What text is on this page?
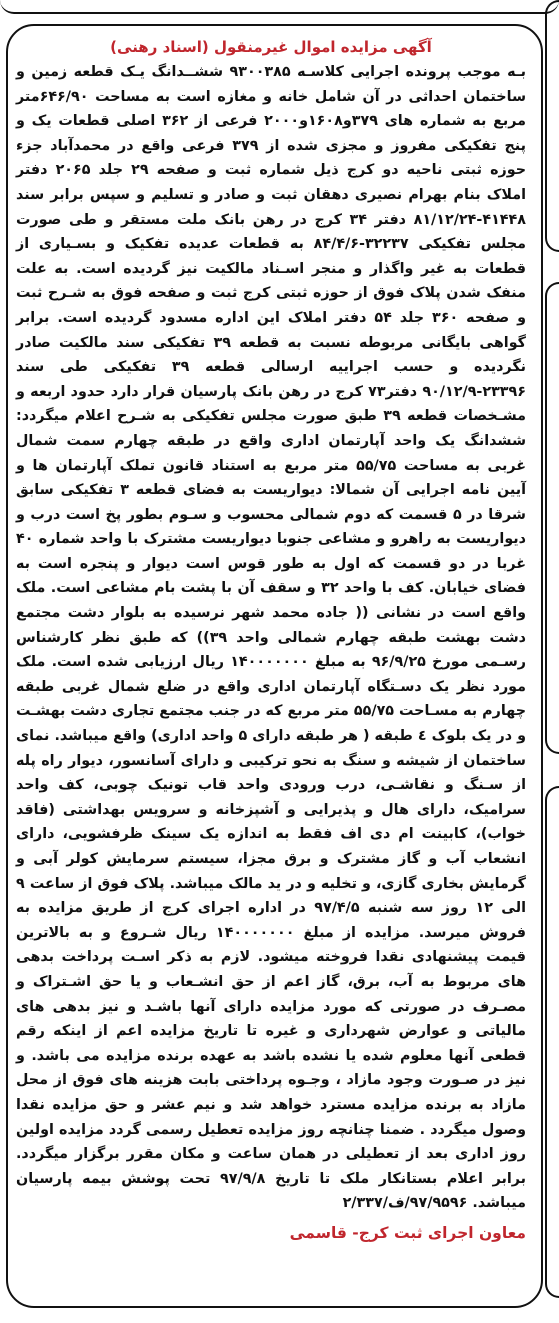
آگهی مزایده اموال غیرمنقول (اسناد رهنی)
بـه موجب پرونده اجرایی کلاسـه ۹۳۰۰۳۸۵ ششــدانگ یـک قطعه زمین و ساختمان احداثی در آن شامل خانه و مغازه است به مساحت ۶۴۶/۹۰متر مربع به شماره های ۳۷۹و۱۶۰۸و۲۰۰۰ فرعی از ۳۶۲ اصلی قطعات یک و پنج تفکیکی مفروز و مجزی شده از ۳۷۹ فرعی واقع در محمدآباد جزء حوزه ثبتی ناحیه دو کرج ذیل شماره ثبت و صفحه ۲۹ جلد ۲۰۶۵ دفتر املاک بنام بهرام نصیری دهقان ثبت و صادر و تسلیم و سپس برابر سند ۴۱۴۴۸-۸۱/۱۲/۲۴ دفتر ۳۴ کرج در رهن بانک ملت مستقر و طی صورت مجلس تفکیکی ۳۲۲۳۷-۸۴/۴/۶ به قطعات عدیده تفکیک و بسـیاری از قطعات به غیر واگذار و منجر اسـناد مالکیت نیز گردیده است. به علت منفک شدن پلاک فوق از حوزه ثبتی کرج ثبت و صفحه فوق به شـرح ثبت و صفحه ۳۶۰ جلد ۵۴ دفتر املاک این اداره مسدود گردیده است. برابر گواهی بایگانی مربوطه نسبت به قطعه ۳۹ تفکیکی سند مالکیت صادر نگردیده و حسب اجراییه ارسالی قطعه ۳۹ تفکیکی طی سند ۲۳۳۹۶-۹۰/۱۲/۹ دفتر۷۳ کرج در رهن بانک پارسیان قرار دارد حدود اربعه و مشـخصات قطعه ۳۹ طبق صورت مجلس تفکیکی به شـرح اعلام میگردد: ششدانگ یک واحد آپارتمان اداری واقع در طبقه چهارم سمت شمال غربی به مساحت ۵۵/۷۵ متر مربع به استناد قانون تملک آپارتمان ها و آیین نامه اجرایی آن شمالا: دیواریست به فضای قطعه ۳ تفکیکی سابق شرقا در ۵ قسمت که دوم شمالی محسوب و سـوم بطور پخ است درب و دیواریست به راهرو و مشاعی جنوبا دیواریست مشترک با واحد شماره ۴۰ غربا در دو قسمت که اول به طور قوس است دیوار و پنجره است به فضای خیابان. کف با واحد ۳۲ و سقف آن با پشت بام مشاعی است. ملک واقع است در نشانی (( جاده محمد شهر نرسیده به بلوار دشت مجتمع دشت بهشت طبقه چهارم شمالی واحد ۳۹)) که طبق نظر کارشناس رسـمی مورخ ۹۶/۹/۲۵ به مبلغ ۱۴۰۰۰۰۰۰۰ ریال ارزیابی شده است. ملک مورد نظر یک دسـتگاه آپارتمان اداری واقع در ضلع شمال غربی طبقه چهارم به مسـاحت ۵۵/۷۵ متر مربع که در جنب مجتمع تجاری دشت بهشـت و در یک بلوک ٤ طبقه ( هر طبقه دارای ۵ واحد اداری) واقع میباشد. نمای ساختمان از شیشه و سنگ به نحو ترکیبی و دارای آسانسور، دیوار راه پله از سـنگ و نقاشـی، درب ورودی واحد قاب تونیک چوبی، کف واحد سرامیک، دارای هال و پذیرایی و آشپزخانه و سرویس بهداشتی (فاقد خواب)، کابینت ام دی اف فقط به اندازه یک سینک ظرفشویی، دارای انشعاب آب و گاز مشترک و برق مجزا، سیستم سرمایش کولر آبی و گرمایش بخاری گازی، و تخلیه و در ید مالک میباشد. پلاک فوق از ساعت ۹ الی ۱۲ روز سه شنبه ۹۷/۴/۵ در اداره اجرای کرج از طریق مزایده به فروش میرسد. مزایده از مبلغ ۱۴۰۰۰۰۰۰۰ ریال شـروع و به بالاترین قیمت پیشنهادی نقدا فروخته میشود. لازم به ذکر اسـت پرداخت بدهی های مربوط به آب، برق، گاز اعم از حق انشـعاب و یا حق اشـتراک و مصـرف در صورتی که مورد مزایده دارای آنها باشـد و نیز بدهی های مالیاتی و عوارض شهرداری و غیره تا تاریخ مزایده اعم از اینکه رقم قطعی آنها معلوم شده یا نشده باشد به عهده برنده مزایده می باشد. و نیز در صـورت وجود مازاد ، وجـوه پرداختی بابت هزینه های فوق از محل مازاد به برنده مزایده مسترد خواهد شد و نیم عشر و حق مزایده نقدا وصول میگردد . ضمنا چنانچه روز مزایده تعطیل رسمی گردد مزایده اولین روز اداری بعد از تعطیلی در همان ساعت و مکان مقرر برگزار میگردد. برابر اعلام بستانکار ملک تا تاریخ ۹۷/۹/۸ تحت پوشش بیمه پارسیان میباشد. ۹۷/۹۵۹۶/ف/۲/۳۳۷
معاون اجرای ثبت کرج- قاسمی
